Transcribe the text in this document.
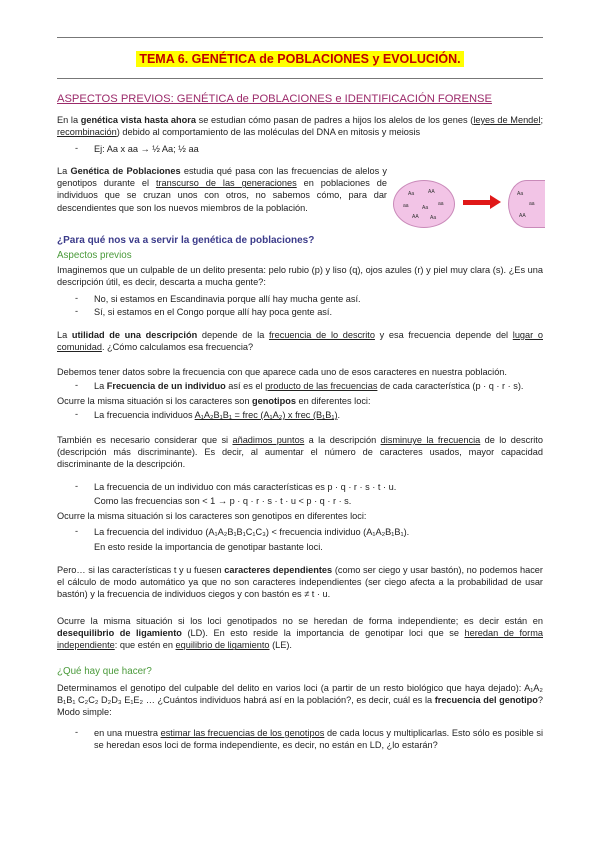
TEMA 6. GENÉTICA de POBLACIONES y EVOLUCIÓN.
ASPECTOS PREVIOS: GENÉTICA de POBLACIONES e IDENTIFICACIÓN FORENSE
En la genética vista hasta ahora se estudian cómo pasan de padres a hijos los alelos de los genes (leyes de Mendel; recombinación) debido al comportamiento de las moléculas del DNA en mitosis y meiosis
- Ej: Aa x aa → ½ Aa; ½ aa
La Genética de Poblaciones estudia qué pasa con las frecuencias de alelos y genotipos durante el transcurso de las generaciones en poblaciones de individuos que se cruzan unos con otros, no sabemos cómo, para dar descendientes que son los nuevos miembros de la población.
Aa	AA
aa	Aa
aa
AA Aa
Aa
aa
AA
¿Para qué nos va a servir la genética de poblaciones?
Aspectos previos
Imaginemos que un culpable de un delito presenta: pelo rubio (p) y liso (q), ojos azules (r) y piel muy clara (s). ¿Es una descripción útil, es decir, descarta a mucha gente?:
- No, si estamos en Escandinavia porque allí hay mucha gente así.
- Sí, si estamos en el Congo porque allí hay poca gente así.
La utilidad de una descripción depende de la frecuencia de lo descrito y esa frecuencia depende del lugar o comunidad. ¿Cómo calculamos esa frecuencia?
Debemos tener datos sobre la frecuencia con que aparece cada uno de esos caracteres en nuestra población.
- La Frecuencia de un individuo así es el producto de las frecuencias de cada característica (p · q · r · s).
Ocurre la misma situación si los caracteres son genotipos en diferentes loci:
- La frecuencia individuos A₁A₂B₁B₁ = frec (A₁A₂) x frec (B₁B₁).
También es necesario considerar que si añadimos puntos a la descripción disminuye la frecuencia de lo descrito (descripción más discriminante). Es decir, al aumentar el número de caracteres usados, mayor capacidad discriminante de la descripción.
- La frecuencia de un individuo con más características es p · q · r · s · t · u.
Como las frecuencias son < 1 → p · q · r · s · t · u < p · q · r · s.
Ocurre la misma situación si los caracteres son genotipos en diferentes loci:
- La frecuencia del individuo (A₁A₂B₁B₁C₁C₃) < frecuencia individuo (A₁A₂B₁B₁).
En esto reside la importancia de genotipar bastante loci.
Pero… si las características t y u fuesen caracteres dependientes (como ser ciego y usar bastón), no podemos hacer el cálculo de modo automático ya que no son caracteres independientes (ser ciego afecta a la probabilidad de usar bastón) y la frecuencia de individuos ciegos y con bastón es ≠ t · u.
Ocurre la misma situación si los loci genotipados no se heredan de forma independiente; es decir están en desequilibrio de ligamiento (LD). En esto reside la importancia de genotipar loci que se heredan de forma independiente: que estén en equilibrio de ligamiento (LE).
¿Qué hay que hacer?
Determinamos el genotipo del culpable del delito en varios loci (a partir de un resto biológico que haya dejado): A₁A₂ B₁B₁ C₂C₂ D₂D₃ E₁E₂ … ¿Cuántos individuos habrá así en la población?, es decir, cuál es la frecuencia del genotipo? Modo simple:
- en una muestra estimar las frecuencias de los genotipos de cada locus y multiplicarlas. Esto sólo es posible si se heredan esos loci de forma independiente, es decir, no están en LD, ¿lo estarán?
